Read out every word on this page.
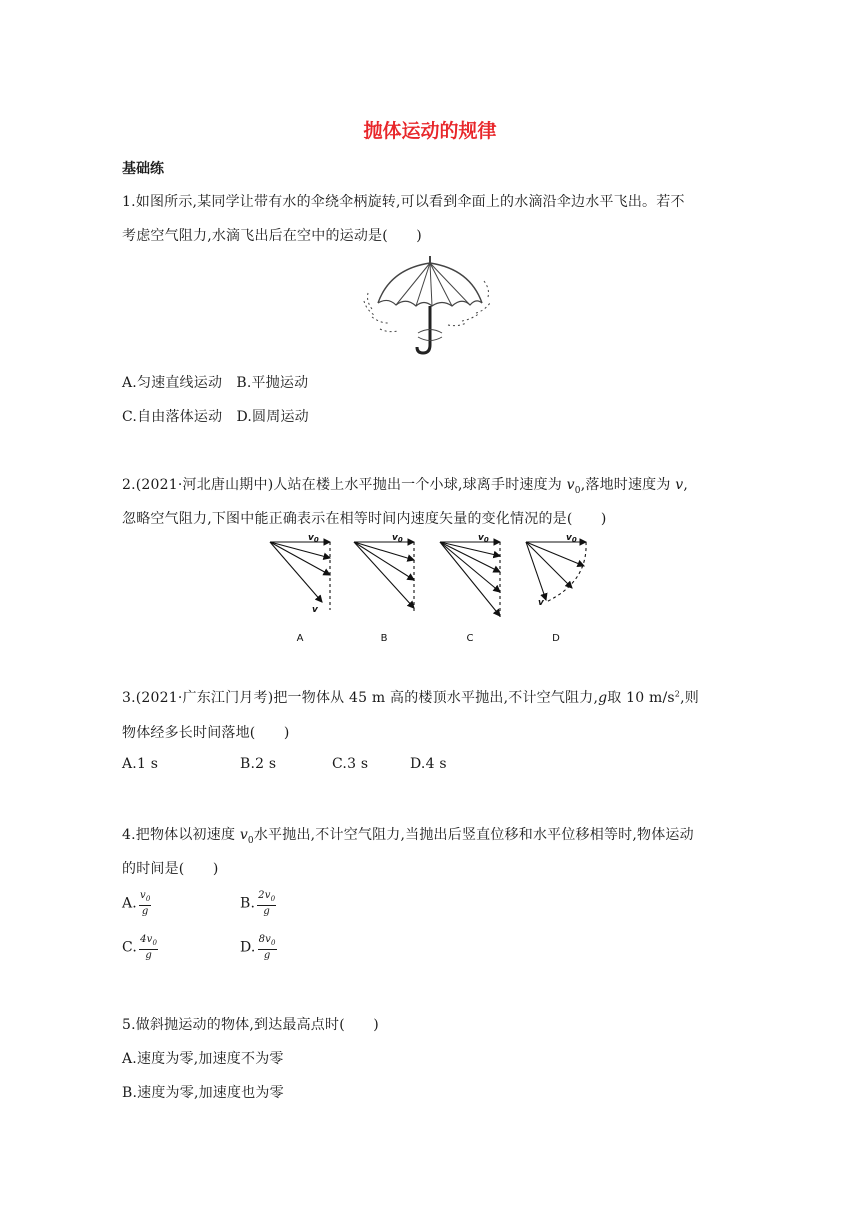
抛体运动的规律
基础练
1.如图所示,某同学让带有水的伞绕伞柄旋转,可以看到伞面上的水滴沿伞边水平飞出。若不
考虑空气阻力,水滴飞出后在空中的运动是(　　)
A.匀速直线运动　B.平抛运动
C.自由落体运动　D.圆周运动
2.(2021·河北唐山期中)人站在楼上水平抛出一个小球,球离手时速度为 $v_0$,落地时速度为 v,
忽略空气阻力,下图中能正确表示在相等时间内速度矢量的变化情况的是(　　)
$v_0$	$v_0$	$v_0$	$v_0$
v
v
A	B	C	D
3.(2021·广东江门月考)把一物体从 45 m 高的楼顶水平抛出,不计空气阻力,g取 10 $m/s^2$,则
物体经多长时间落地(　　)
A.1 s	B.2 s	C.3 s	D.4 s
4.把物体以初速度 $v_0$水平抛出,不计空气阻力,当抛出后竖直位移和水平位移相等时,物体运动
的时间是(　　)
A. $\frac{v_0}{g}$	B. $\frac{2v_0}{g}$
C. $\frac{4v_0}{g}$	D. $\frac{8v_0}{g}$
5.做斜抛运动的物体,到达最高点时(　　)
A.速度为零,加速度不为零
B.速度为零,加速度也为零
